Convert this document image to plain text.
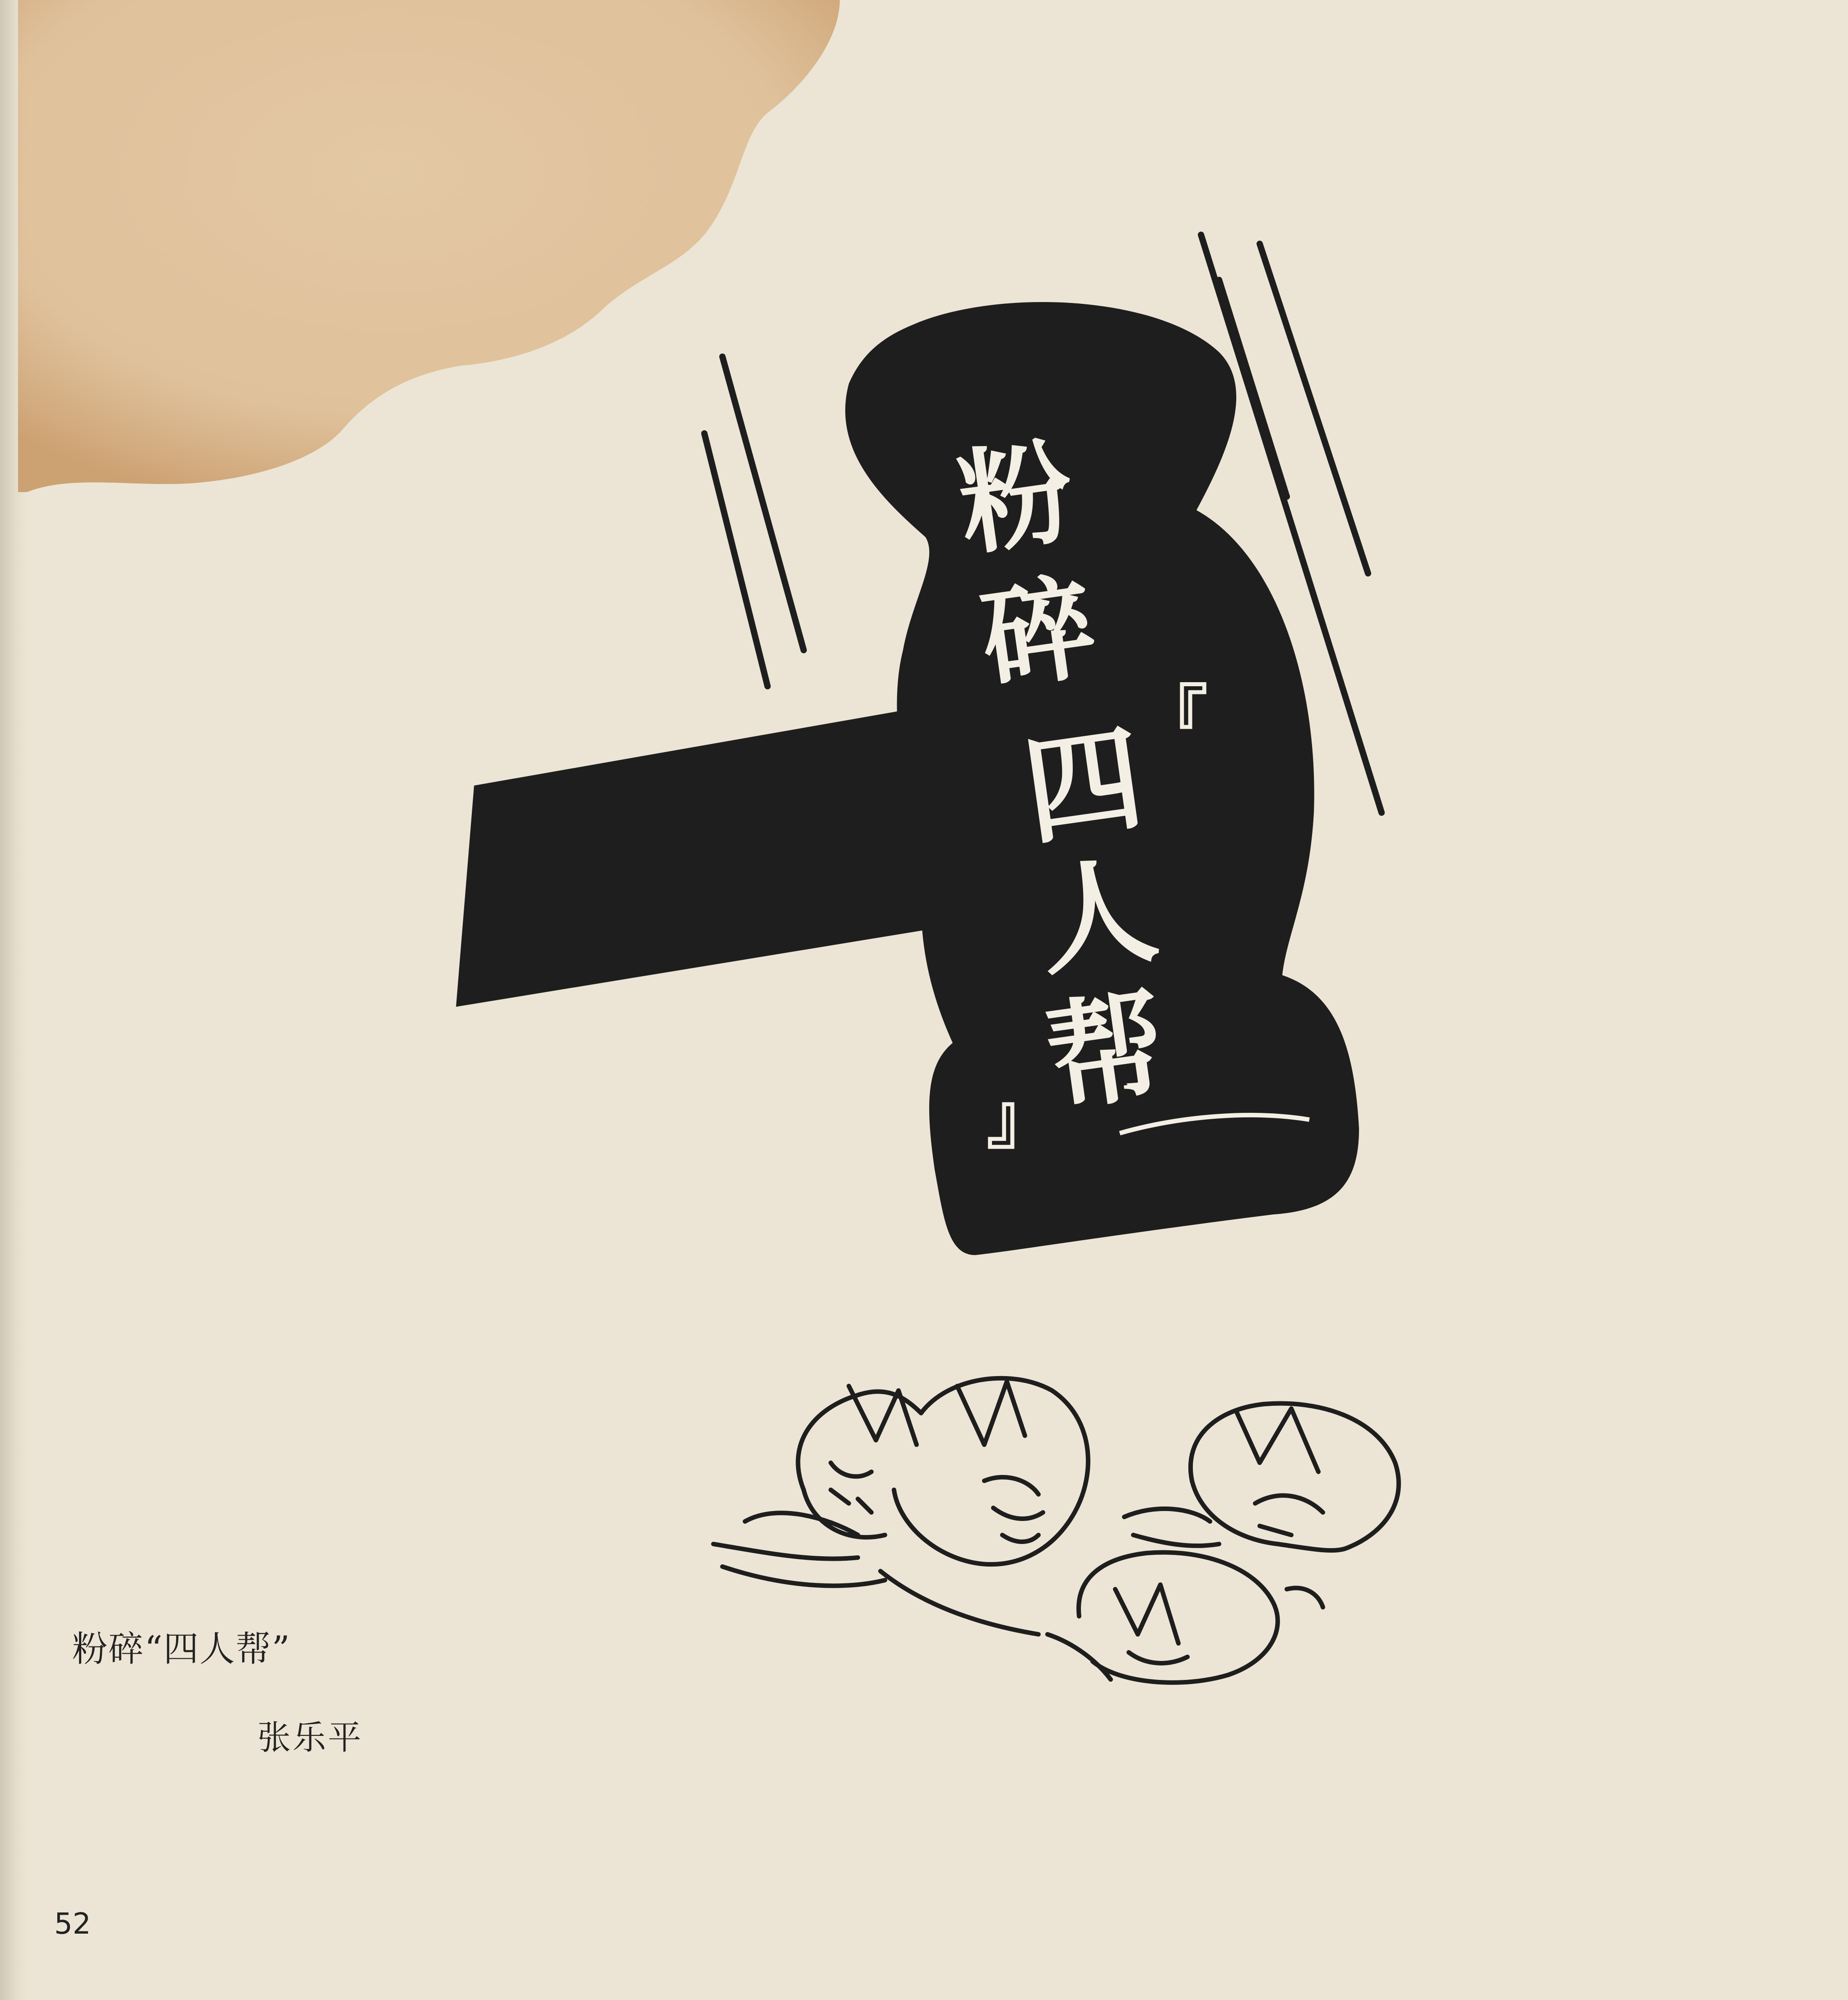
粉
碎
『
四
人
帮
』
粉碎“四人帮”
张乐平
52
